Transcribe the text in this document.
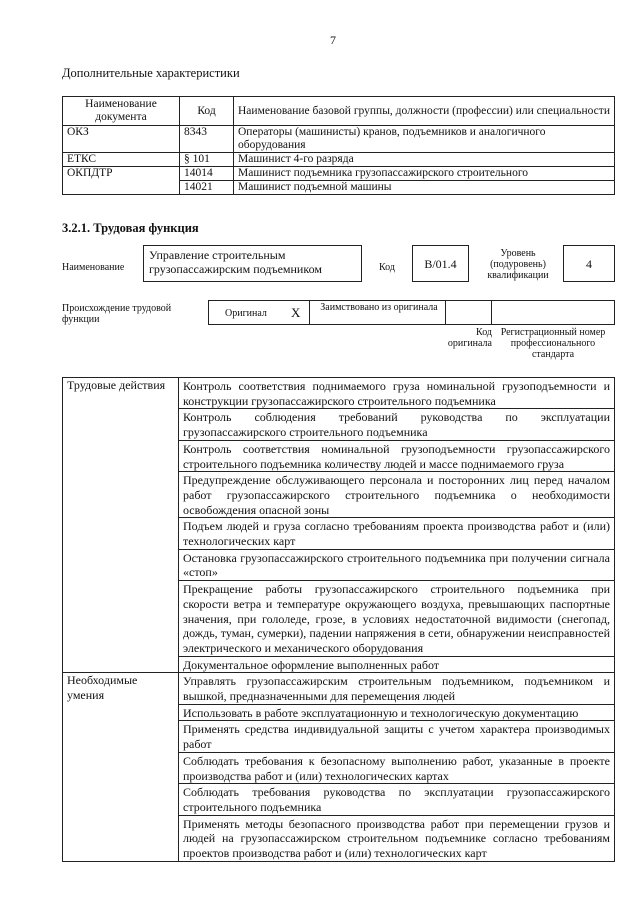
7
Дополнительные характеристики
Наименование документа	Код	Наименование базовой группы, должности (профессии) или специальности
ОКЗ	8343	Операторы (машинисты) кранов, подъемников и аналогичного оборудования
ЕТКС	§ 101	Машинист 4-го разряда
ОКПДТР	14014	Машинист подъемника грузопассажирского строительного
	14021	Машинист подъемной машины
3.2.1. Трудовая функция
Наименование
Управление строительным грузопассажирским подъемником	Код	B/01.4
Уровень (подуровень) квалификации
4
Происхождение трудовой функции
Оригинал X	Заимствовано из оригинала
Код оригинала
Регистрационный номер профессионального стандарта
Трудовые действия	Контроль соответствия поднимаемого груза номинальной грузоподъемности и конструкции грузопассажирского строительного подъемника
	Контроль соблюдения требований руководства по эксплуатации грузопассажирского строительного подъемника
	Контроль соответствия номинальной грузоподъемности грузопассажирского строительного подъемника количеству людей и массе поднимаемого груза
	Предупреждение обслуживающего персонала и посторонних лиц перед началом работ грузопассажирского строительного подъемника о необходимости освобождения опасной зоны
	Подъем людей и груза согласно требованиям проекта производства работ и (или) технологических карт
	Остановка грузопассажирского строительного подъемника при получении сигнала «стоп»
	Прекращение работы грузопассажирского строительного подъемника при скорости ветра и температуре окружающего воздуха, превышающих паспортные значения, при гололеде, грозе, в условиях недостаточной видимости (снегопад, дождь, туман, сумерки), падении напряжения в сети, обнаружении неисправностей электрического и механического оборудования
	Документальное оформление выполненных работ
Необходимые умения	Управлять грузопассажирским строительным подъемником, подъемником и вышкой, предназначенными для перемещения людей
	Использовать в работе эксплуатационную и технологическую документацию
	Применять средства индивидуальной защиты с учетом характера производимых работ
	Соблюдать требования к безопасному выполнению работ, указанные в проекте производства работ и (или) технологических картах
	Соблюдать требования руководства по эксплуатации грузопассажирского строительного подъемника
	Применять методы безопасного производства работ при перемещении грузов и людей на грузопассажирском строительном подъемнике согласно требованиям проектов производства работ и (или) технологических карт
